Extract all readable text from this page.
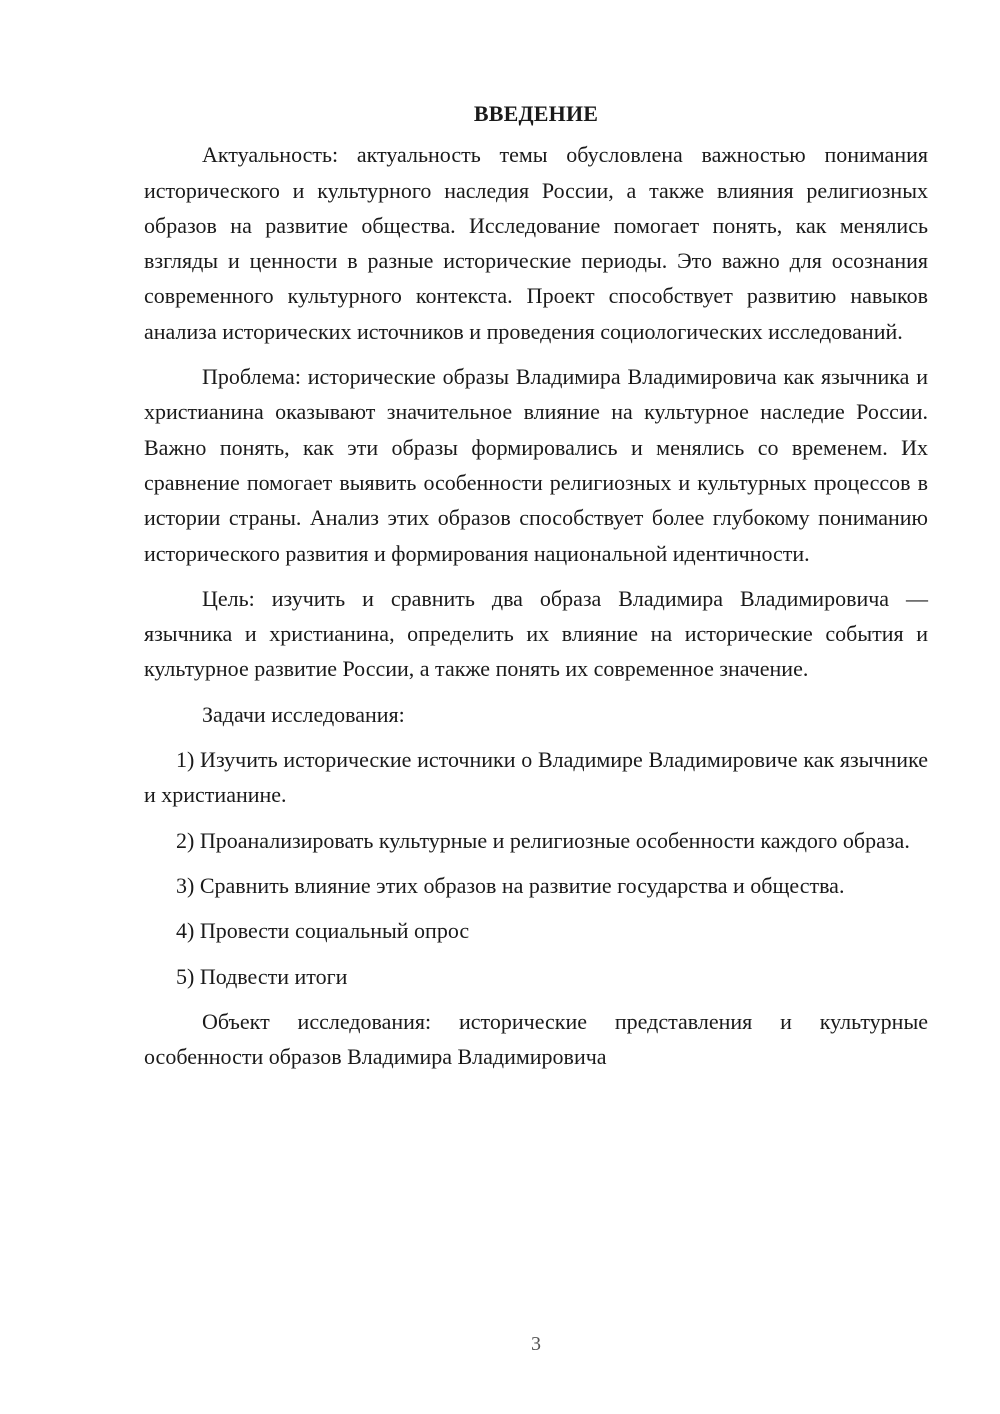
ВВЕДЕНИЕ

Актуальность: актуальность темы обусловлена важностью понимания исторического и культурного наследия России, а также влияния религиозных образов на развитие общества. Исследование помогает понять, как менялись взгляды и ценности в разные исторические периоды. Это важно для осознания современного культурного контекста. Проект способствует развитию навыков анализа исторических источников и проведения социологических исследований.

Проблема: исторические образы Владимира Владимировича как язычника и христианина оказывают значительное влияние на культурное наследие России. Важно понять, как эти образы формировались и менялись со временем. Их сравнение помогает выявить особенности религиозных и культурных процессов в истории страны. Анализ этих образов способствует более глубокому пониманию исторического развития и формирования национальной идентичности.

Цель: изучить и сравнить два образа Владимира Владимировича — язычника и христианина, определить их влияние на исторические события и культурное развитие России, а также понять их современное значение.

Задачи исследования:

1) Изучить исторические источники о Владимире Владимировиче как язычнике и христианине.

2) Проанализировать культурные и религиозные особенности каждого образа.

3) Сравнить влияние этих образов на развитие государства и общества.

4) Провести социальный опрос

5) Подвести итоги

Объект исследования: исторические представления и культурные особенности образов Владимира Владимировича

3
